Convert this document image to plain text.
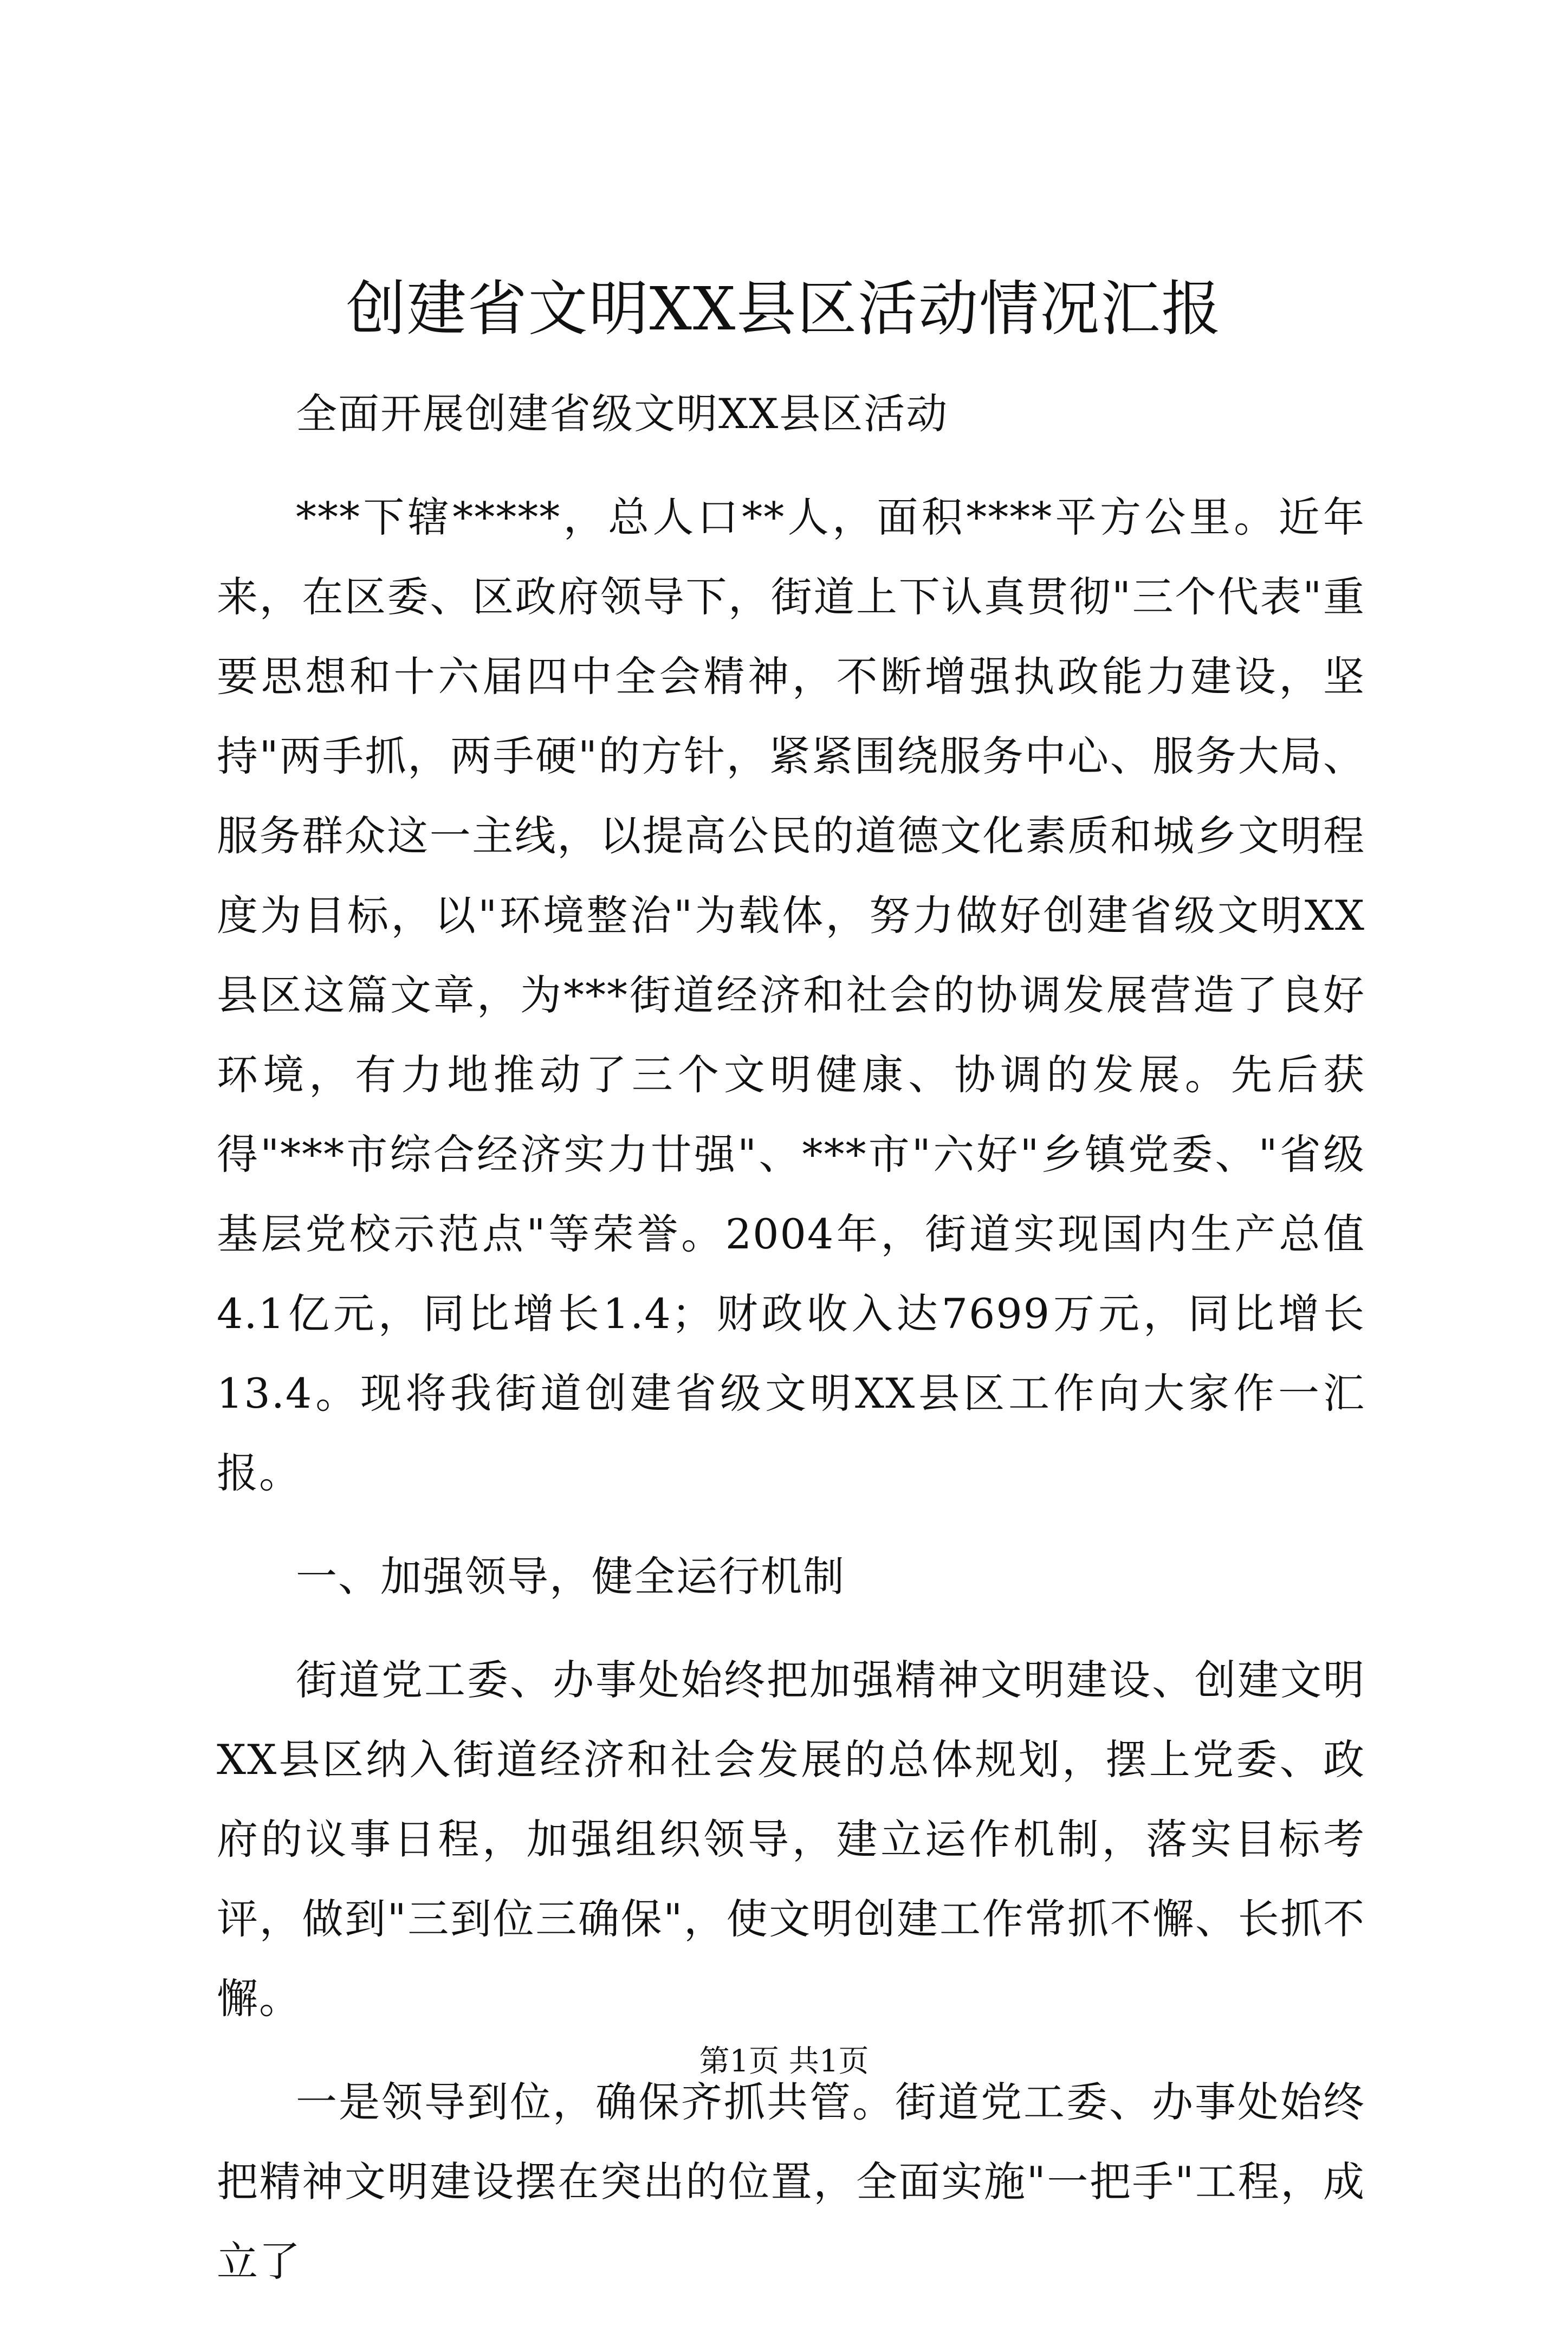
创建省文明XX县区活动情况汇报

全面开展创建省级文明XX县区活动

***下辖*****，总人口**人，面积****平方公里。近年来，在区委、区政府领导下，街道上下认真贯彻"三个代表"重要思想和十六届四中全会精神，不断增强执政能力建设，坚持"两手抓，两手硬"的方针，紧紧围绕服务中心、服务大局、服务群众这一主线，以提高公民的道德文化素质和城乡文明程度为目标，以"环境整治"为载体，努力做好创建省级文明XX县区这篇文章，为***街道经济和社会的协调发展营造了良好环境，有力地推动了三个文明健康、协调的发展。先后获得"***市综合经济实力廿强"、***市"六好"乡镇党委、"省级基层党校示范点"等荣誉。2004年，街道实现国内生产总值4.1亿元，同比增长1.4；财政收入达7699万元，同比增长13.4。现将我街道创建省级文明XX县区工作向大家作一汇报。

一、加强领导，健全运行机制

街道党工委、办事处始终把加强精神文明建设、创建文明XX县区纳入街道经济和社会发展的总体规划，摆上党委、政府的议事日程，加强组织领导，建立运作机制，落实目标考评，做到"三到位三确保"，使文明创建工作常抓不懈、长抓不懈。

一是领导到位，确保齐抓共管。街道党工委、办事处始终把精神文明建设摆在突出的位置，全面实施"一把手"工程，成立了

第1页 共1页
